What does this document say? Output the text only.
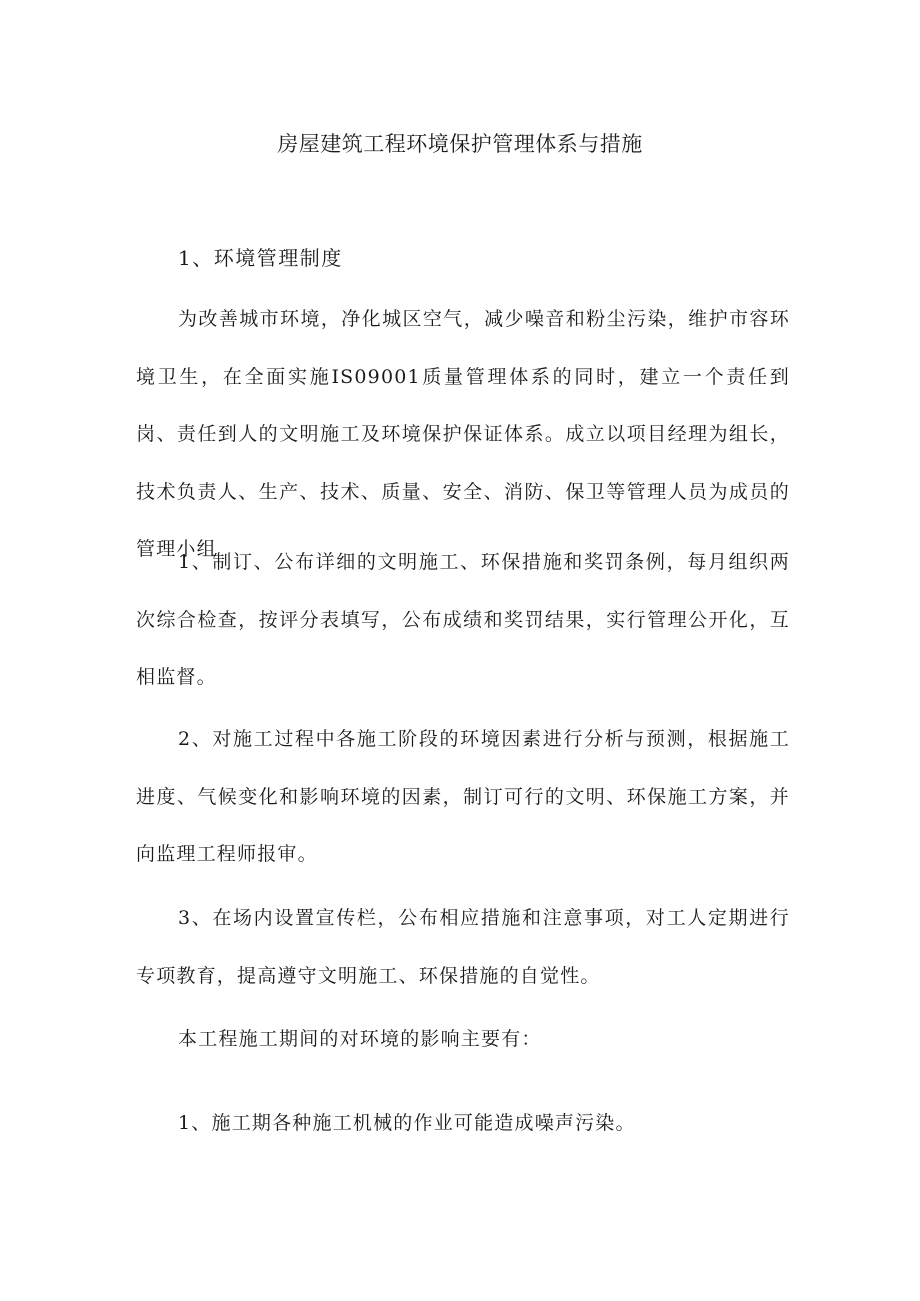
房屋建筑工程环境保护管理体系与措施
1、环境管理制度

为改善城市环境，净化城区空气，减少噪音和粉尘污染，维护市容环境卫生，在全面实施IS09001质量管理体系的同时，建立一个责任到岗、责任到人的文明施工及环境保护保证体系。成立以项目经理为组长，技术负责人、生产、技术、质量、安全、消防、保卫等管理人员为成员的管理小组

1、制订、公布详细的文明施工、环保措施和奖罚条例，每月组织两次综合检查，按评分表填写，公布成绩和奖罚结果，实行管理公开化，互相监督。

2、对施工过程中各施工阶段的环境因素进行分析与预测，根据施工进度、气候变化和影响环境的因素，制订可行的文明、环保施工方案，并向监理工程师报审。

3、在场内设置宣传栏，公布相应措施和注意事项，对工人定期进行专项教育，提高遵守文明施工、环保措施的自觉性。

本工程施工期间的对环境的影响主要有：

1、施工期各种施工机械的作业可能造成噪声污染。
